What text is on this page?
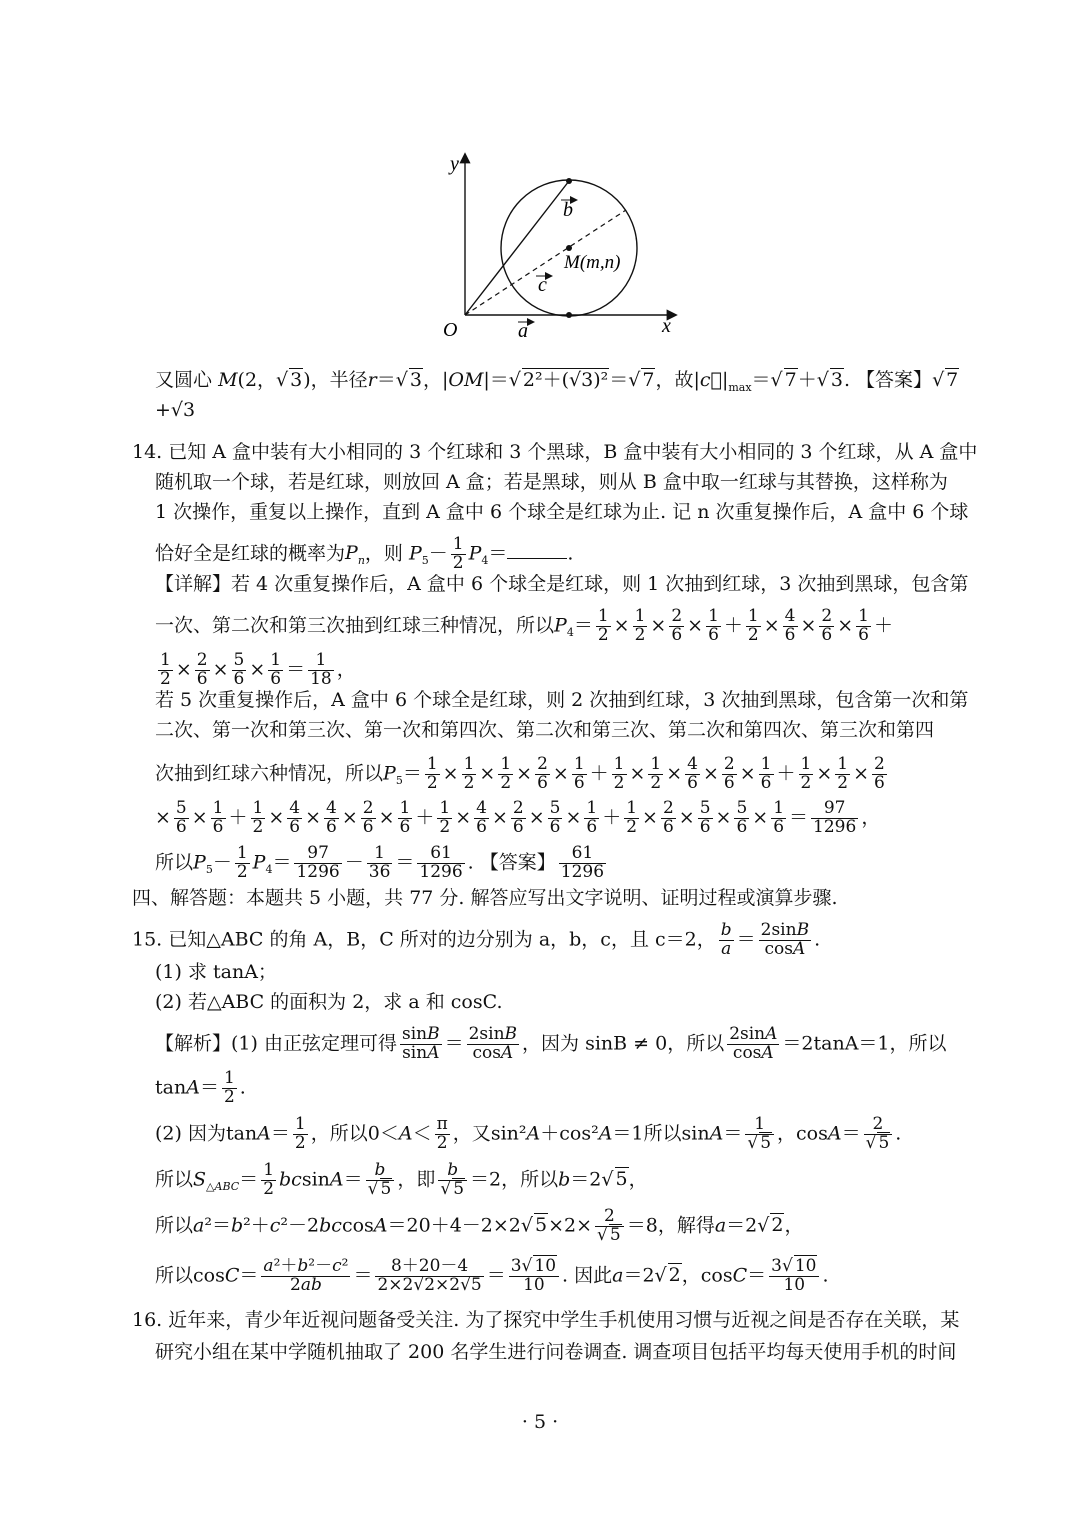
y
x
O	a
b
c
M(m,n)
又圆心 M(2，√ 3)，半径r＝√ 3，|OM|＝√ 2²＋(√3)²＝√ 7，故$|c⃗|_{max}=√$ 7＋√ 3. 【答案】√ 7
+√3
14. 已知 A 盒中装有大小相同的 3 个红球和 3 个黑球，B 盒中装有大小相同的 3 个红球，从 A 盒中
随机取一个球，若是红球，则放回 A 盒；若是黑球，则从 B 盒中取一红球与其替换，这样称为
1 次操作，重复以上操作，直到 A 盒中 6 个球全是红球为止. 记 n 次重复操作后，A 盒中 6 个球
恰好全是红球的概率为$P_n$，则 $P_5- \frac{1}{2} P_4=$	.
【详解】若 4 次重复操作后，A 盒中 6 个球全是红球，则 1 次抽到红球，3 次抽到黑球，包含第
一次、第二次和第三次抽到红球三种情况，所以$P_4= \frac{1}{2} \times \frac{1}{2} \times \frac{2}{6} \times \frac{1}{6} + \frac{1}{2} \times \frac{4}{6} \times \frac{2}{6} \times \frac{1}{6}$ ＋
$\frac{1}{2} \times \frac{2}{6} \times \frac{5}{6} \times \frac{1}{6} = \frac{1}{18}$ ，
若 5 次重复操作后，A 盒中 6 个球全是红球，则 2 次抽到红球，3 次抽到黑球，包含第一次和第
二次、第一次和第三次、第一次和第四次、第二次和第三次、第二次和第四次、第三次和第四
次抽到红球六种情况，所以$P_5= \frac{1}{2} \times \frac{1}{2} \times \frac{1}{2} \times \frac{2}{6} \times \frac{1}{6} + \frac{1}{2} \times \frac{1}{2} \times \frac{4}{6} \times \frac{2}{6} \times \frac{1}{6} + \frac{1}{2} \times \frac{1}{2} \times \frac{2}{6}$
× $\frac{5}{6} \times \frac{1}{6} + \frac{1}{2} \times \frac{4}{6} \times \frac{4}{6} \times \frac{2}{6} \times \frac{1}{6} + \frac{1}{2} \times \frac{4}{6} \times \frac{2}{6} \times \frac{5}{6} \times \frac{1}{6} + \frac{1}{2} \times \frac{2}{6} \times \frac{5}{6} \times \frac{5}{6} \times \frac{1}{6} = \frac{97}{1296}$ ，
所以$P_5- \frac{1}{2} P_4= \frac{97}{1296} - \frac{1}{36} = \frac{61}{1296}$ . 【答案】 $\frac{61}{1296}$
四、解答题：本题共 5 小题，共 77 分. 解答应写出文字说明、证明过程或演算步骤.
15. 已知△ABC 的角 A，B，C 所对的边分别为 a，b，c，且 c＝2， $\frac{b}{a} = \frac{2\sin B}{\cos A}$ .
(1) 求 tanA；
(2) 若△ABC 的面积为 2，求 a 和 cosC.
【解析】(1) 由正弦定理可得 $\frac{\sin B}{\sin A} = \frac{2\sin B}{\cos A}$ ，因为 sinB ≠ 0，所以 $\frac{2\sin A}{\cos A} =2\tan A=1$，所以
$\tan A= \frac{1}{2}$ .
(2) 因为$\tan A= \frac{1}{2}$ ，所以$0<A< \frac{\pi}{2}$ ，又sin²A＋cos²A＝1所以$\sin A= \frac{1}{√ 5}$ ，$\cos A= \frac{2}{√ 5}$ .
所以$S_{\triangle ABC}= \frac{1}{2} bcsinA= \frac{b}{√ 5}$ ，即 $\frac{b}{√ 5} =2$，所以b＝2√ 5，
所以a²＝b²＋c²－2bccosA＝20＋4－2×2√ $5\times 2\times \frac{2}{√ 5} =8$，解得a＝2√ 2，
所以$\cos C= \frac{\text{a²＋b²－c²}}{2ab} = \frac{8+20-4}{2\times 2√2\times 2√5} = \frac{3√ 10}{10}$ . 因此a＝2√ 2，$\cos C= \frac{3√ 10}{10}$ .
16. 近年来，青少年近视问题备受关注. 为了探究中学生手机使用习惯与近视之间是否存在关联，某
研究小组在某中学随机抽取了 200 名学生进行问卷调查. 调查项目包括平均每天使用手机的时间
· 5 ·
